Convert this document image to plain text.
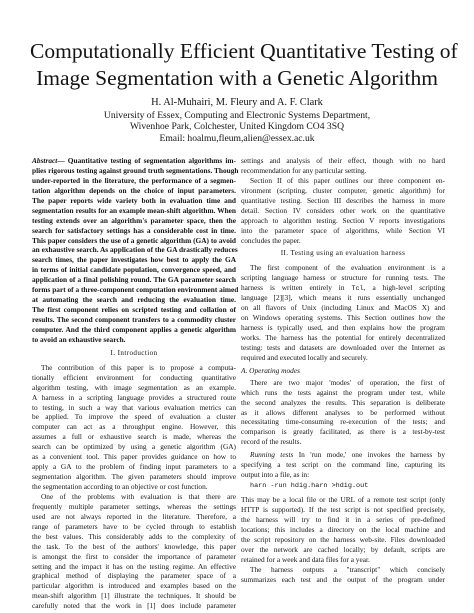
Computationally Efficient Quantitative Testing of
Image Segmentation with a Genetic Algorithm
H. Al-Muhairi, M. Fleury and A. F. Clark
University of Essex, Computing and Electronic Systems Department,
Wivenhoe Park, Colchester, United Kingdom CO4 3SQ
Email: hoalmu,fleum,alien@essex.ac.uk
Abstract— Quantitative testing of segmentation algorithms im-
plies rigorous testing against ground truth segmentations. Though
under-reported in the literature, the performance of a segmen-
tation algorithm depends on the choice of input parameters.
The paper reports wide variety both in evaluation time and
segmentation results for an example mean-shift algorithm. When
testing extends over an algorithm's parameter space, then the
search for satisfactory settings has a considerable cost in time.
This paper considers the use of a genetic algorithm (GA) to avoid
an exhaustive search. As application of the GA drastically reduces
search times, the paper investigates how best to apply the GA
in terms of initial candidate population, convergence speed, and
application of a final polishing round. The GA parameter search
forms part of a three-component computation environment aimed
at automating the search and reducing the evaluation time.
The first component relies on scripted testing and collation of
results. The second component transfers to a commodity cluster
computer. And the third component applies a genetic algorithm
to avoid an exhaustive search.
I. Introduction
The contribution of this paper is to propose a computa-
tionally efficient environment for conducting quantitative
algorithm testing, with image segmentation as an example.
A harness in a scripting language provides a structured route
to testing, in such a way that various evaluation metrics can
be applied. To improve the speed of evaluation a cluster
computer can act as a throughput engine. However, this
assumes a full or exhaustive search is made, whereas the
search can be optimized by using a genetic algorithm (GA)
as a convenient tool. This paper provides guidance on how to
apply a GA to the problem of finding input parameters to a
segmentation algorithm. The given parameters should improve
the segmentation according to an objective or cost function.
One of the problems with evaluation is that there are
frequently multiple parameter settings, whereas the settings
used are not always reported in the literature. Therefore, a
range of parameters have to be cycled through to establish
the best values. This considerably adds to the complexity of
the task. To the best of the authors' knowledge, this paper
is amongst the first to consider the importance of parameter
setting and the impact it has on the testing regime. An effective
graphical method of displaying the parameter space of a
particular algorithm is introduced and examples based on the
mean-shift algorithm [1] illustrate the techniques. It should be
carefully noted that the work in [1] does include parameter
settings and analysis of their effect, though with no hard
recommendation for any particular setting.
Section II of this paper outlines our three component en-
vironment (scripting, cluster computer, genetic algorithm) for
quantitative testing. Section III describes the harness in more
detail. Section IV considers other work on the quantitative
approach to algorithm testing. Section V reports investigations
into the parameter space of algorithms, while Section VI
concludes the paper.
II. Testing using an evaluation harness
The first component of the evaluation environment is a
scripting language harness or structure for running tests. The
harness is written entirely in Tcl, a high-level scripting
language [2][3], which means it runs essentially unchanged
on all flavors of Unix (including Linux and MacOS X) and
on Windows operating systems. This Section outlines how the
harness is typically used, and then explains how the program
works. The harness has the potential for entirely decentralized
testing: tests and datasets are downloaded over the Internet as
required and executed locally and securely.
A. Operating modes
There are two major 'modes' of operation, the first of
which runs the tests against the program under test, while
the second analyzes the results. This separation is deliberate
as it allows different analyses to be performed without
necessitating time-consuming re-execution of the tests; and
comparison is greatly facilitated, as there is a test-by-test
record of the results.
Running tests In 'run mode,' one invokes the harness by
specifying a test script on the command line, capturing its
output into a file, as in:
harn -run hdig.harn >hdig.out
This may be a local file or the URL of a remote test script (only
HTTP is supported). If the test script is not specified precisely,
the harness will try to find it in a series of pre-defined
locations; this includes a directory on the local machine and
the script repository on the harness web-site. Files downloaded
over the network are cached locally; by default, scripts are
retained for a week and data files for a year.
The harness outputs a "transcript" which concisely
summarizes each test and the output of the program under
